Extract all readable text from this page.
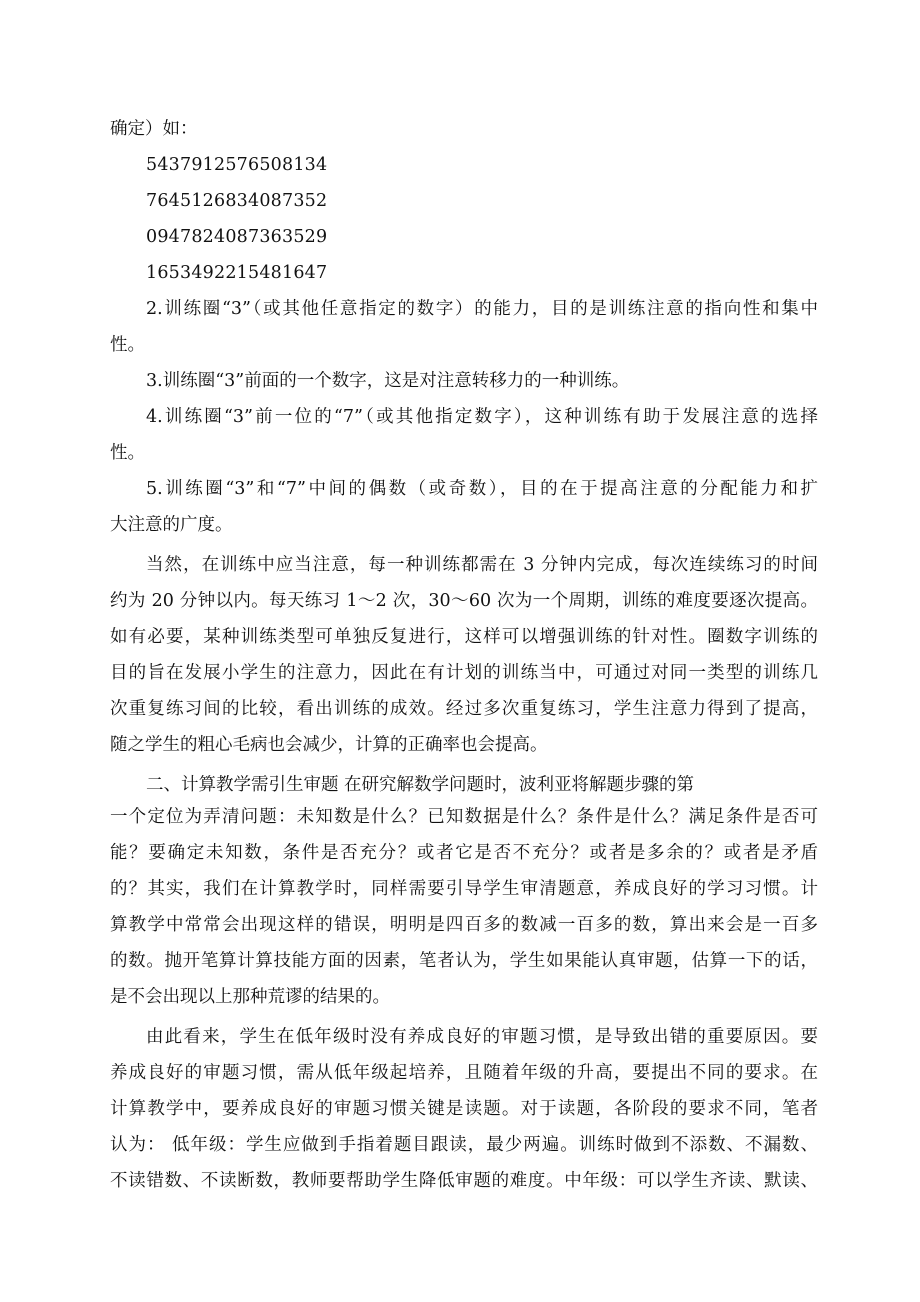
确定）如：
5437912576508134
7645126834087352
0947824087363529
1653492215481647
2.训练圈“3”（或其他任意指定的数字）的能力，目的是训练注意的指向性和集中
性。
3.训练圈“3”前面的一个数字，这是对注意转移力的一种训练。
4.训练圈“3”前一位的“7”（或其他指定数字），这种训练有助于发展注意的选择
性。
5.训练圈“3”和“7”中间的偶数（或奇数），目的在于提高注意的分配能力和扩
大注意的广度。
当然，在训练中应当注意，每一种训练都需在 3 分钟内完成，每次连续练习的时间
约为 20 分钟以内。每天练习 1～2 次，30～60 次为一个周期，训练的难度要逐次提高。
如有必要，某种训练类型可单独反复进行，这样可以增强训练的针对性。圈数字训练的
目的旨在发展小学生的注意力，因此在有计划的训练当中，可通过对同一类型的训练几
次重复练习间的比较，看出训练的成效。经过多次重复练习，学生注意力得到了提高，
随之学生的粗心毛病也会减少，计算的正确率也会提高。
二、计算教学需引生审题 在研究解数学问题时，波利亚将解题步骤的第
一个定位为弄清问题：未知数是什么？已知数据是什么？条件是什么？满足条件是否可
能？要确定未知数，条件是否充分？或者它是否不充分？或者是多余的？或者是矛盾
的？其实，我们在计算教学时，同样需要引导学生审清题意，养成良好的学习习惯。计
算教学中常常会出现这样的错误，明明是四百多的数减一百多的数，算出来会是一百多
的数。抛开笔算计算技能方面的因素，笔者认为，学生如果能认真审题，估算一下的话，
是不会出现以上那种荒谬的结果的。
由此看来，学生在低年级时没有养成良好的审题习惯，是导致出错的重要原因。要
养成良好的审题习惯，需从低年级起培养，且随着年级的升高，要提出不同的要求。在
计算教学中，要养成良好的审题习惯关键是读题。对于读题，各阶段的要求不同，笔者
认为： 低年级：学生应做到手指着题目跟读，最少两遍。训练时做到不添数、不漏数、
不读错数、不读断数，教师要帮助学生降低审题的难度。中年级：可以学生齐读、默读、
